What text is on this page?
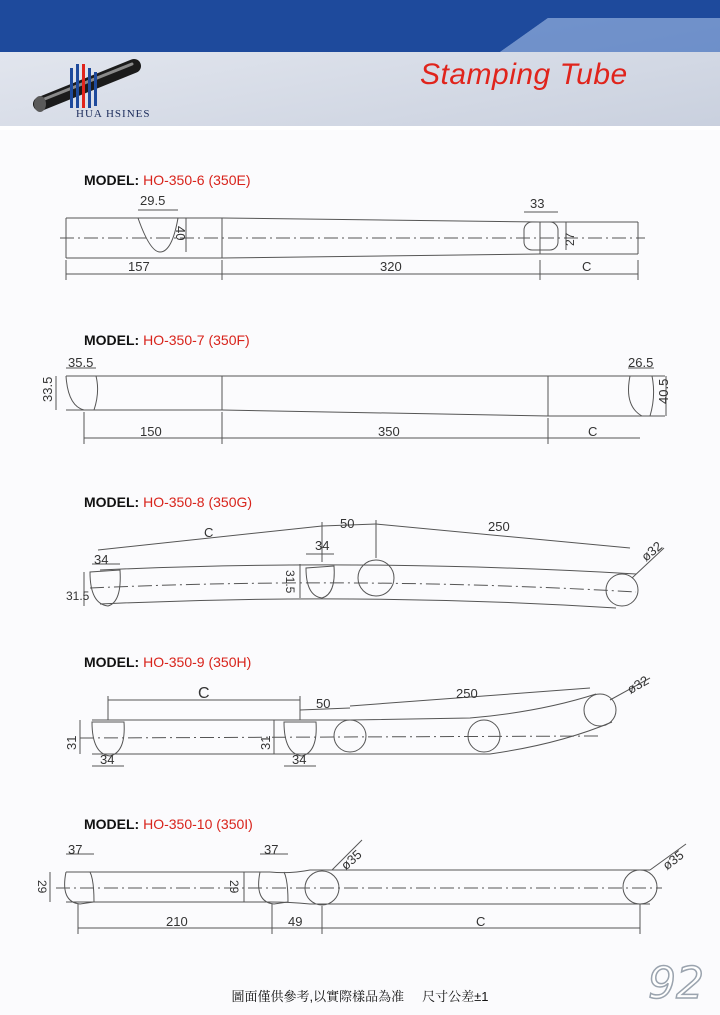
HUA HSINES
Stamping Tube
MODEL: HO-350-6 (350E)
29.5
40
33
27
157	320	C
MODEL: HO-350-7 (350F)
35.5
33.5
26.5
40.5
150	350	C
MODEL: HO-350-8 (350G)
C
50	250
34
34
31.5
31.5
ø32
MODEL: HO-350-9 (350H)
C
50
250	ø32
31	31
34	34
MODEL: HO-350-10 (350I)
37	37	ø35	ø35
29	29
210	49	C
圖面僅供參考,以實際樣品為准 尺寸公差±1	92
